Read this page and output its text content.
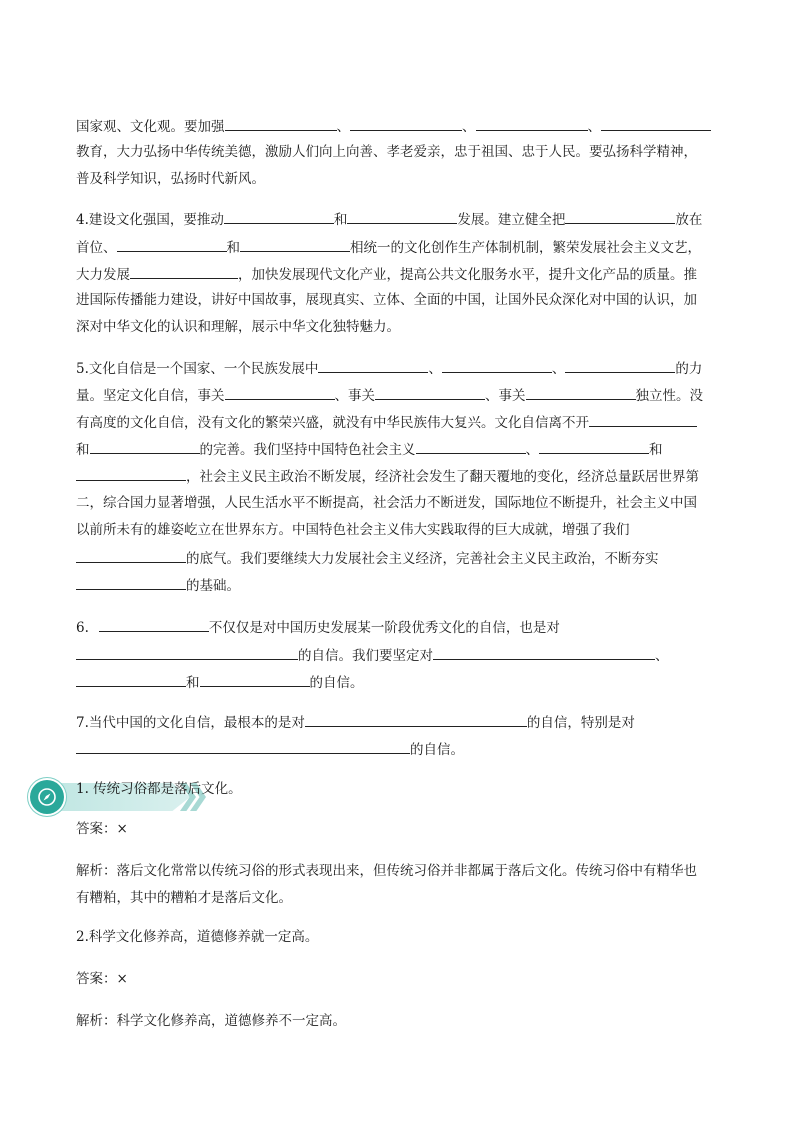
国家观、文化观。要加强	、	、	、
教育，大力弘扬中华传统美德，激励人们向上向善、孝老爱亲，忠于祖国、忠于人民。要弘扬科学精神，
普及科学知识，弘扬时代新风。
4.建设文化强国，要推动	和	发展。建立健全把	放在
首位、	和	相统一的文化创作生产体制机制，繁荣发展社会主义文艺，
大力发展	，加快发展现代文化产业，提高公共文化服务水平，提升文化产品的质量。推
进国际传播能力建设，讲好中国故事，展现真实、立体、全面的中国，让国外民众深化对中国的认识，加
深对中华文化的认识和理解，展示中华文化独特魅力。
5.文化自信是一个国家、一个民族发展中	、	、	的力
量。坚定文化自信，事关	、事关	、事关	独立性。没
有高度的文化自信，没有文化的繁荣兴盛，就没有中华民族伟大复兴。文化自信离不开
和	的完善。我们坚持中国特色社会主义	、	和
，社会主义民主政治不断发展，经济社会发生了翻天覆地的变化，经济总量跃居世界第
二，综合国力显著增强，人民生活水平不断提高，社会活力不断迸发，国际地位不断提升，社会主义中国
以前所未有的雄姿屹立在世界东方。中国特色社会主义伟大实践取得的巨大成就，增强了我们
的底气。我们要继续大力发展社会主义经济，完善社会主义民主政治，不断夯实
的基础。
6.	不仅仅是对中国历史发展某一阶段优秀文化的自信，也是对
的自信。我们要坚定对	、
和	的自信。
7.当代中国的文化自信，最根本的是对	的自信，特别是对
的自信。
1. 传统习俗都是落后文化。
答案：×
解析：落后文化常常以传统习俗的形式表现出来，但传统习俗并非都属于落后文化。传统习俗中有精华也
有糟粕，其中的糟粕才是落后文化。
2.科学文化修养高，道德修养就一定高。
答案：×
解析：科学文化修养高，道德修养不一定高。
